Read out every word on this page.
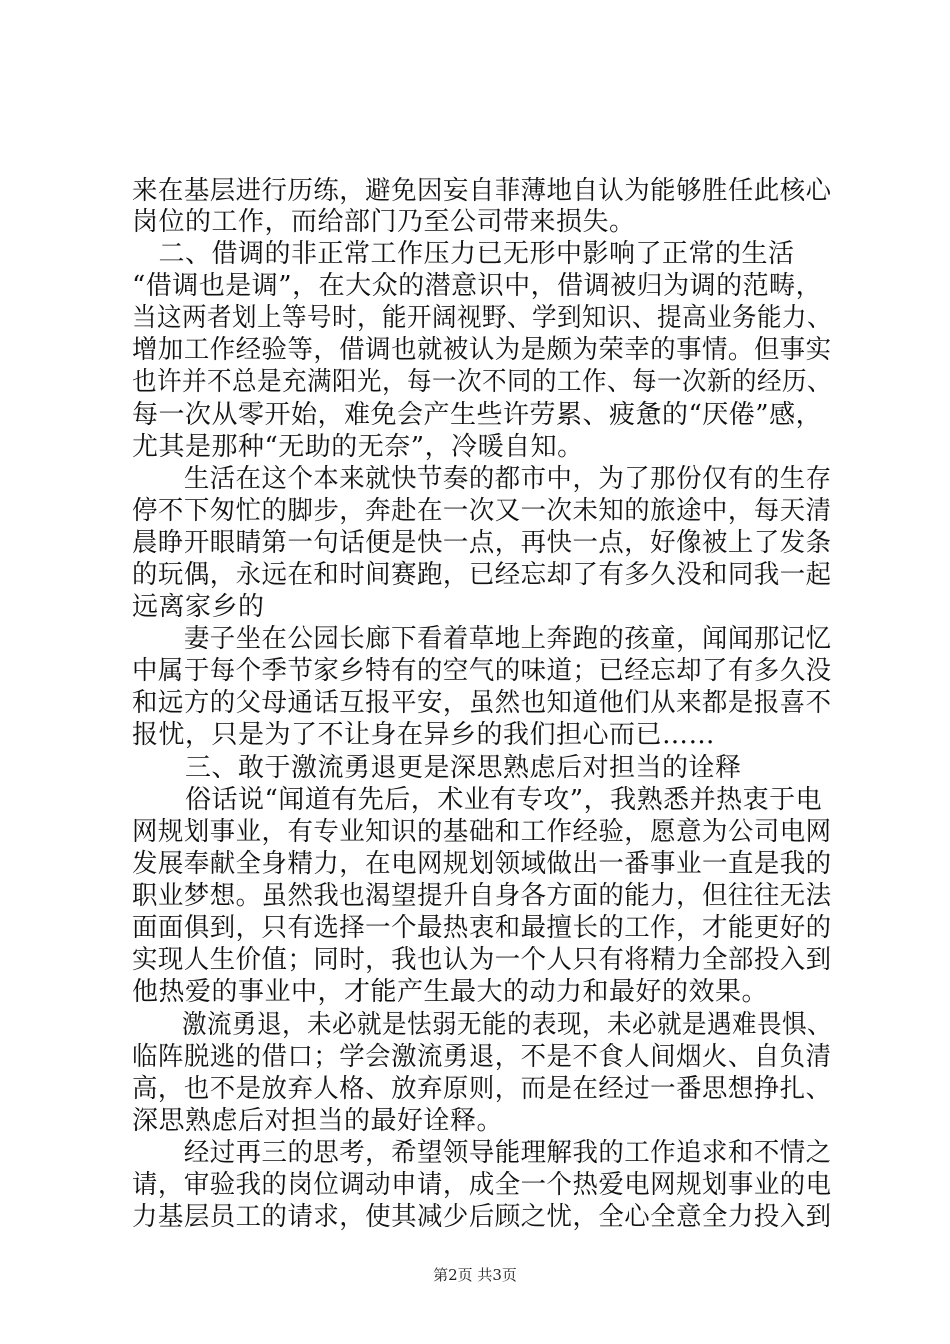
来在基层进行历练，避免因妄自菲薄地自认为能够胜任此核心
岗位的工作，而给部门乃至公司带来损失。
　二、借调的非正常工作压力已无形中影响了正常的生活
“借调也是调”，在大众的潜意识中，借调被归为调的范畴，
当这两者划上等号时，能开阔视野、学到知识、提高业务能力、
增加工作经验等，借调也就被认为是颇为荣幸的事情。但事实
也许并不总是充满阳光，每一次不同的工作、每一次新的经历、
每一次从零开始，难免会产生些许劳累、疲惫的“厌倦”感，
尤其是那种“无助的无奈”，冷暖自知。
　　生活在这个本来就快节奏的都市中，为了那份仅有的生存
停不下匆忙的脚步，奔赴在一次又一次未知的旅途中，每天清
晨睁开眼睛第一句话便是快一点，再快一点，好像被上了发条
的玩偶，永远在和时间赛跑，已经忘却了有多久没和同我一起
远离家乡的
　　妻子坐在公园长廊下看着草地上奔跑的孩童，闻闻那记忆
中属于每个季节家乡特有的空气的味道；已经忘却了有多久没
和远方的父母通话互报平安，虽然也知道他们从来都是报喜不
报忧，只是为了不让身在异乡的我们担心而已……
　　三、敢于激流勇退更是深思熟虑后对担当的诠释
　　俗话说“闻道有先后，术业有专攻”，我熟悉并热衷于电
网规划事业，有专业知识的基础和工作经验，愿意为公司电网
发展奉献全身精力，在电网规划领域做出一番事业一直是我的
职业梦想。虽然我也渴望提升自身各方面的能力，但往往无法
面面俱到，只有选择一个最热衷和最擅长的工作，才能更好的
实现人生价值；同时，我也认为一个人只有将精力全部投入到
他热爱的事业中，才能产生最大的动力和最好的效果。
　　激流勇退，未必就是怯弱无能的表现，未必就是遇难畏惧、
临阵脱逃的借口；学会激流勇退，不是不食人间烟火、自负清
高，也不是放弃人格、放弃原则，而是在经过一番思想挣扎、
深思熟虑后对担当的最好诠释。
　　经过再三的思考，希望领导能理解我的工作追求和不情之
请，审验我的岗位调动申请，成全一个热爱电网规划事业的电
力基层员工的请求，使其减少后顾之忧，全心全意全力投入到
第2页 共3页
